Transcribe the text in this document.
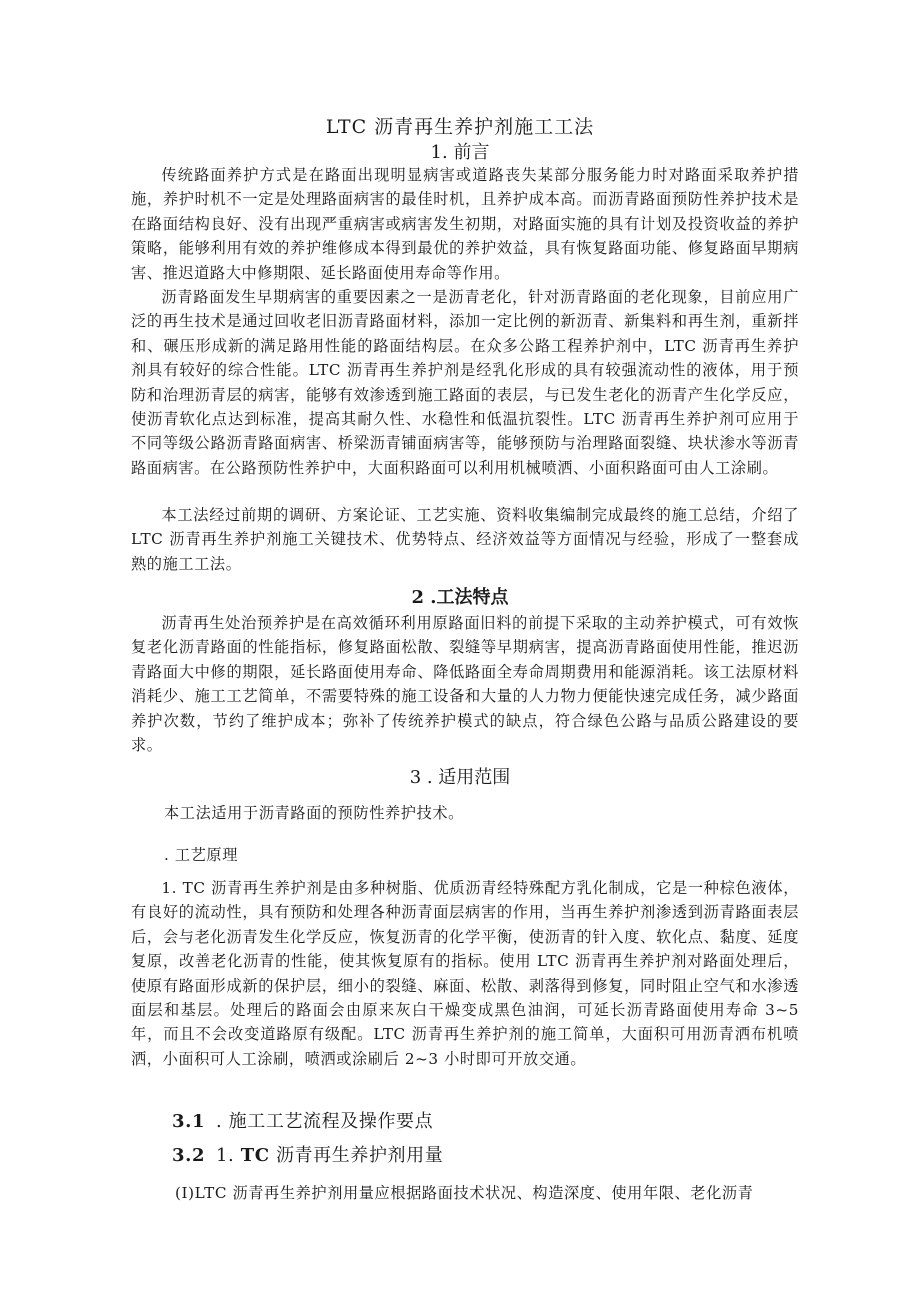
LTC 沥青再生养护剂施工工法
1. 前言
传统路面养护方式是在路面出现明显病害或道路丧失某部分服务能力时对路面采取养护措施，养护时机不一定是处理路面病害的最佳时机，且养护成本高。而沥青路面预防性养护技术是在路面结构良好、没有出现严重病害或病害发生初期，对路面实施的具有计划及投资收益的养护策略，能够利用有效的养护维修成本得到最优的养护效益，具有恢复路面功能、修复路面早期病害、推迟道路大中修期限、延长路面使用寿命等作用。
沥青路面发生早期病害的重要因素之一是沥青老化，针对沥青路面的老化现象，目前应用广泛的再生技术是通过回收老旧沥青路面材料，添加一定比例的新沥青、新集料和再生剂，重新拌和、碾压形成新的满足路用性能的路面结构层。在众多公路工程养护剂中，LTC 沥青再生养护剂具有较好的综合性能。LTC 沥青再生养护剂是经乳化形成的具有较强流动性的液体，用于预防和治理沥青层的病害，能够有效渗透到施工路面的表层，与已发生老化的沥青产生化学反应，使沥青软化点达到标准，提高其耐久性、水稳性和低温抗裂性。LTC 沥青再生养护剂可应用于不同等级公路沥青路面病害、桥梁沥青铺面病害等，能够预防与治理路面裂缝、块状渗水等沥青路面病害。在公路预防性养护中，大面积路面可以利用机械喷洒、小面积路面可由人工涂刷。
本工法经过前期的调研、方案论证、工艺实施、资料收集编制完成最终的施工总结，介绍了 LTC 沥青再生养护剂施工关键技术、优势特点、经济效益等方面情况与经验，形成了一整套成熟的施工工法。
2 .工法特点
沥青再生处治预养护是在高效循环利用原路面旧料的前提下采取的主动养护模式，可有效恢复老化沥青路面的性能指标，修复路面松散、裂缝等早期病害，提高沥青路面使用性能，推迟沥青路面大中修的期限，延长路面使用寿命、降低路面全寿命周期费用和能源消耗。该工法原材料消耗少、施工工艺简单，不需要特殊的施工设备和大量的人力物力便能快速完成任务，减少路面养护次数，节约了维护成本；弥补了传统养护模式的缺点，符合绿色公路与品质公路建设的要求。
3 . 适用范围
本工法适用于沥青路面的预防性养护技术。
. 工艺原理
1. TC 沥青再生养护剂是由多种树脂、优质沥青经特殊配方乳化制成，它是一种棕色液体，有良好的流动性，具有预防和处理各种沥青面层病害的作用，当再生养护剂渗透到沥青路面表层后，会与老化沥青发生化学反应，恢复沥青的化学平衡，使沥青的针入度、软化点、黏度、延度复原，改善老化沥青的性能，使其恢复原有的指标。使用 LTC 沥青再生养护剂对路面处理后，使原有路面形成新的保护层，细小的裂缝、麻面、松散、剥落得到修复，同时阻止空气和水渗透面层和基层。处理后的路面会由原来灰白干燥变成黑色油润，可延长沥青路面使用寿命 3~5 年，而且不会改变道路原有级配。LTC 沥青再生养护剂的施工简单，大面积可用沥青洒布机喷洒，小面积可人工涂刷，喷洒或涂刷后 2~3 小时即可开放交通。
3.1 . 施工工艺流程及操作要点
3.2 1. TC 沥青再生养护剂用量
(I)LTC 沥青再生养护剂用量应根据路面技术状况、构造深度、使用年限、老化沥青
